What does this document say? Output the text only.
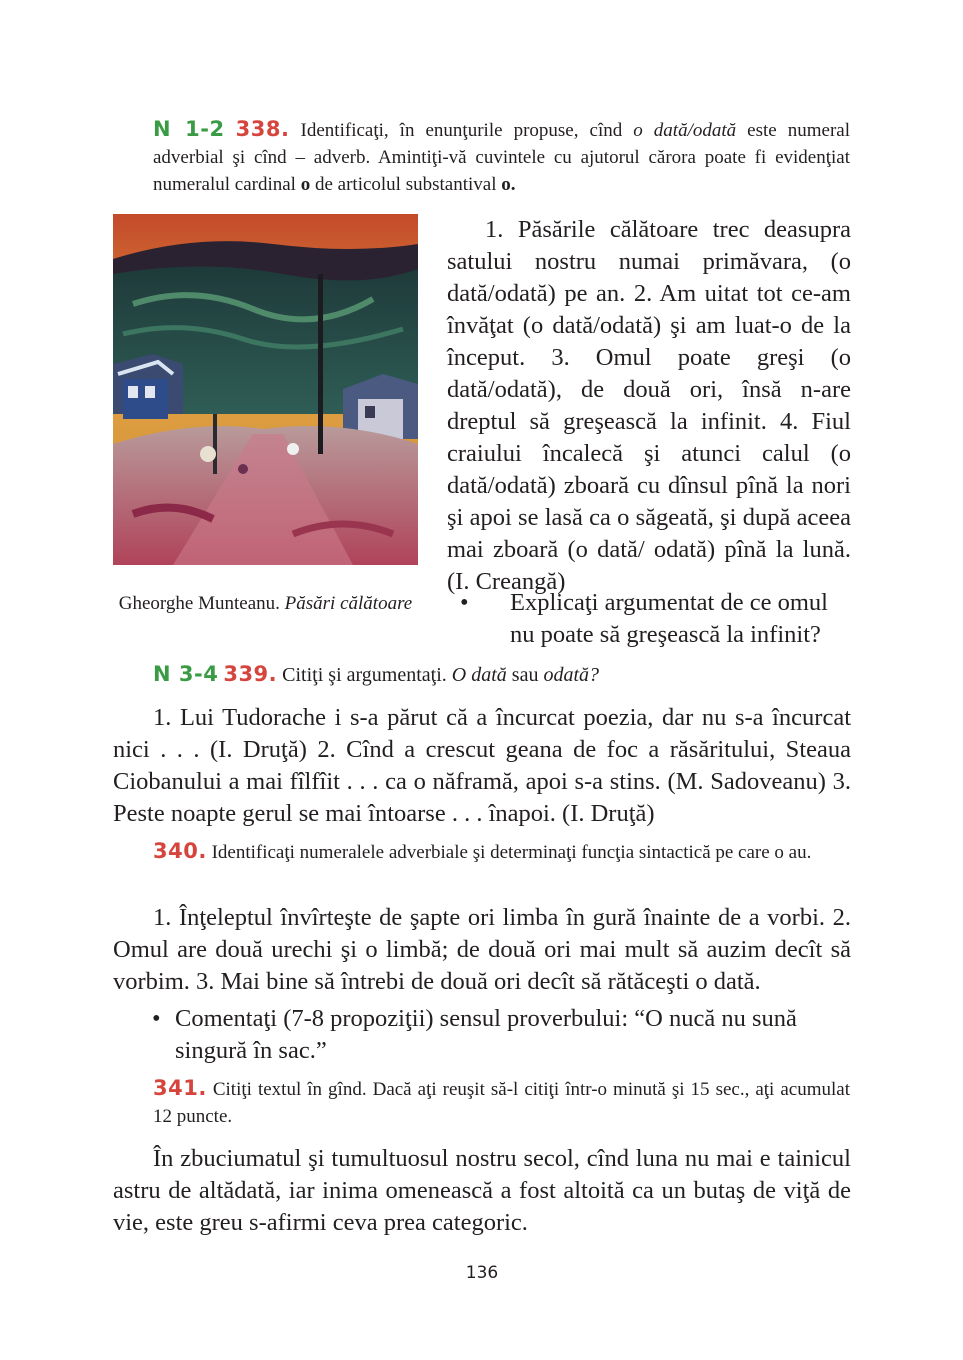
N 1-2 338. Identificaţi, în enunţurile propuse, cînd o dată/odată este numeral adverbial şi cînd – adverb. Amintiţi-vă cuvintele cu ajutorul cărora poate fi evidenţiat numeralul cardinal o de articolul substantival o.
Gheorghe Munteanu. Păsări călătoare
1. Păsările călătoare trec deasupra satului nostru numai primăvara, (o dată/odată) pe an. 2. Am uitat tot ce-am învăţat (o dată/odată) şi am luat-o de la început. 3. Omul poate greşi (o dată/odată), de două ori, însă n-are dreptul să greşească la infinit. 4. Fiul craiului încalecă şi atunci calul (o dată/odată) zboară cu dînsul pînă la nori şi apoi se lasă ca o săgeată, şi după aceea mai zboară (o dată/ odată) pînă la lună. (I. Creangă)
•	Explicaţi argumentat de ce omul nu poate să greşească la infinit?
N 3-4 339. Citiţi şi argumentaţi. O dată sau odată?
1. Lui Tudorache i s-a părut că a încurcat poezia, dar nu s-a încurcat nici . . . (I. Druţă) 2. Cînd a crescut geana de foc a răsăritului, Steaua Ciobanului a mai fîlfîit . . . ca o năframă, apoi s-a stins. (M. Sadoveanu) 3. Peste noapte gerul se mai întoarse . . . înapoi. (I. Druţă)
340. Identificaţi numeralele adverbiale şi determinaţi funcţia sintactică pe care o au.
1. Înţeleptul învîrteşte de şapte ori limba în gură înainte de a vorbi. 2. Omul are două urechi şi o limbă; de două ori mai mult să auzim decît să vorbim. 3. Mai bine să întrebi de două ori decît să rătăceşti o dată.
• Comentaţi (7-8 propoziţii) sensul proverbului: “O nucă nu sună singură în sac.”
341. Citiţi textul în gînd. Dacă aţi reuşit să-l citiţi într-o minută şi 15 sec., aţi acumulat 12 puncte.
În zbuciumatul şi tumultuosul nostru secol, cînd luna nu mai e tainicul astru de altădată, iar inima omenească a fost altoită ca un butaş de viţă de vie, este greu s-afirmi ceva prea categoric.
136
